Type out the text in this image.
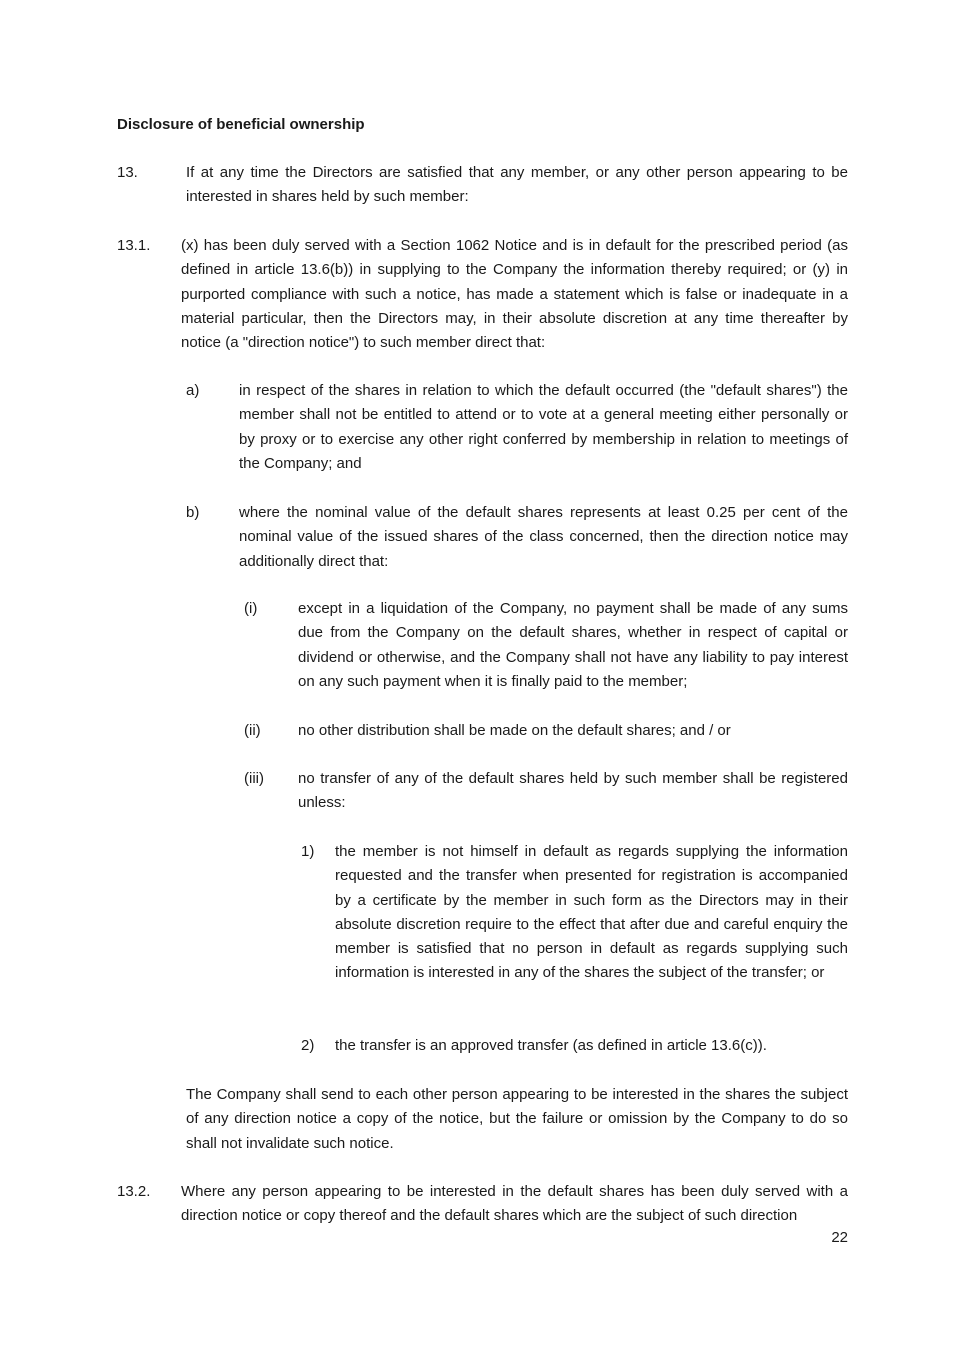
Disclosure of beneficial ownership
13.	If at any time the Directors are satisfied that any member, or any other person appearing to be interested in shares held by such member:
13.1. (x) has been duly served with a Section 1062 Notice and is in default for the prescribed period (as defined in article 13.6(b)) in supplying to the Company the information thereby required; or (y) in purported compliance with such a notice, has made a statement which is false or inadequate in a material particular, then the Directors may, in their absolute discretion at any time thereafter by notice (a "direction notice") to such member direct that:
a)	in respect of the shares in relation to which the default occurred (the "default shares") the member shall not be entitled to attend or to vote at a general meeting either personally or by proxy or to exercise any other right conferred by membership in relation to meetings of the Company; and
b)	where the nominal value of the default shares represents at least 0.25 per cent of the nominal value of the issued shares of the class concerned, then the direction notice may additionally direct that:
(i)	except in a liquidation of the Company, no payment shall be made of any sums due from the Company on the default shares, whether in respect of capital or dividend or otherwise, and the Company shall not have any liability to pay interest on any such payment when it is finally paid to the member;
(ii) no other distribution shall be made on the default shares; and / or
(iii) no transfer of any of the default shares held by such member shall be registered unless:
1) the member is not himself in default as regards supplying the information requested and the transfer when presented for registration is accompanied by a certificate by the member in such form as the Directors may in their absolute discretion require to the effect that after due and careful enquiry the member is satisfied that no person in default as regards supplying such information is interested in any of the shares the subject of the transfer; or
2) the transfer is an approved transfer (as defined in article 13.6(c)).
The Company shall send to each other person appearing to be interested in the shares the subject of any direction notice a copy of the notice, but the failure or omission by the Company to do so shall not invalidate such notice.
13.2. Where any person appearing to be interested in the default shares has been duly served with a direction notice or copy thereof and the default shares which are the subject of such direction
22
